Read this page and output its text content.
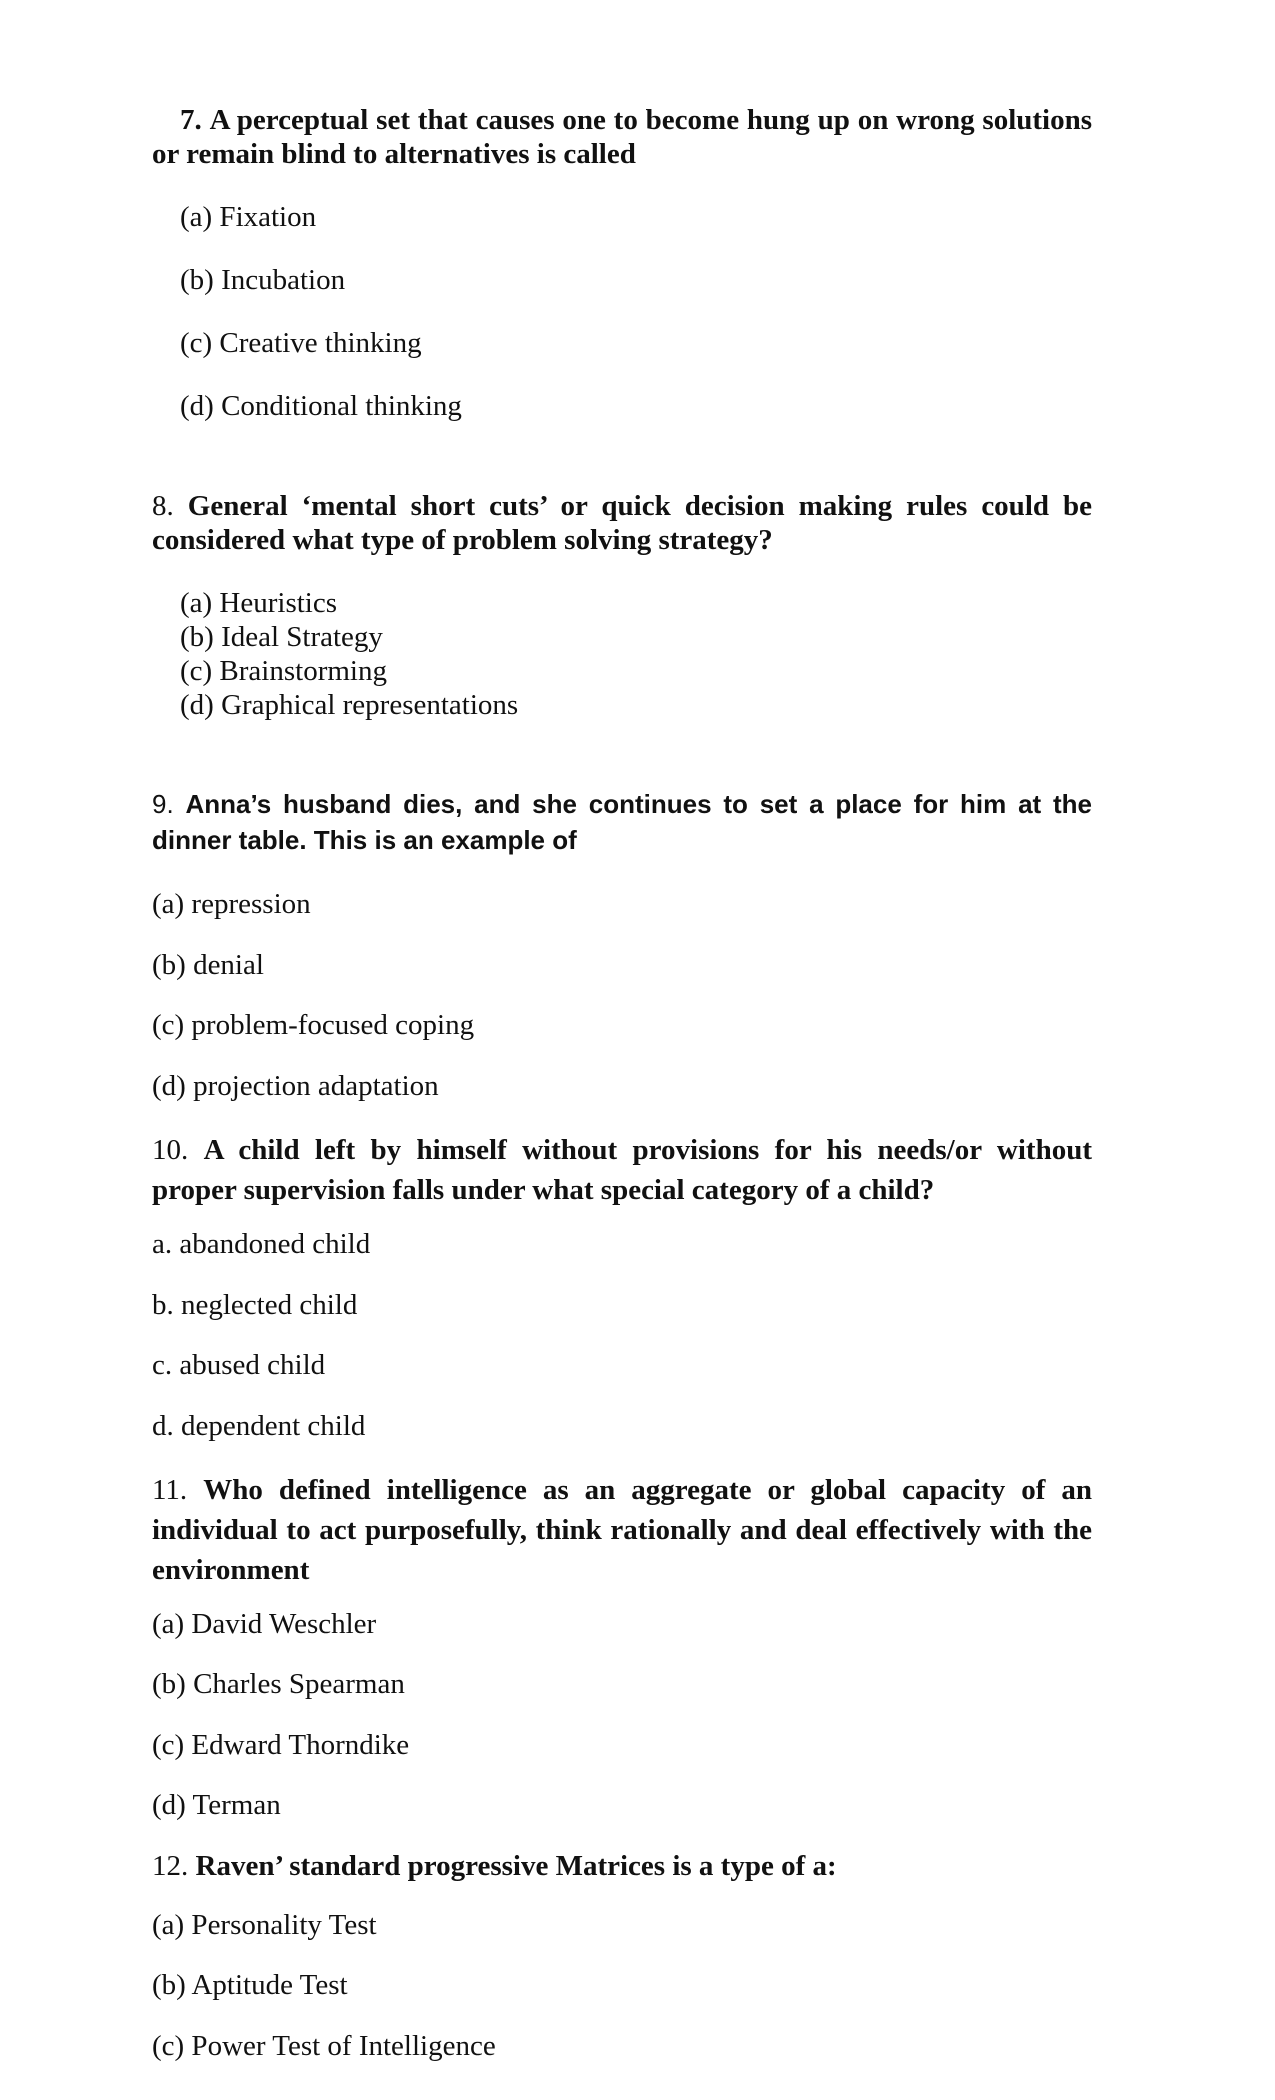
7. A perceptual set that causes one to become hung up on wrong solutions or remain blind to alternatives is called
(a) Fixation
(b) Incubation
(c) Creative thinking
(d) Conditional thinking
8. General ‘mental short cuts’ or quick decision making rules could be considered what type of problem solving strategy?
(a) Heuristics
(b) Ideal Strategy
(c) Brainstorming
(d) Graphical representations
9. Anna’s husband dies, and she continues to set a place for him at the dinner table. This is an example of
(a) repression
(b) denial
(c) problem-focused coping
(d) projection adaptation
10. A child left by himself without provisions for his needs/or without proper supervision falls under what special category of a child?
a. abandoned child
b. neglected child
c. abused child
d. dependent child
11. Who defined intelligence as an aggregate or global capacity of an individual to act purposefully, think rationally and deal effectively with the environment
(a) David Weschler
(b) Charles Spearman
(c) Edward Thorndike
(d) Terman
12. Raven’ standard progressive Matrices is a type of a:
(a) Personality Test
(b) Aptitude Test
(c) Power Test of Intelligence
